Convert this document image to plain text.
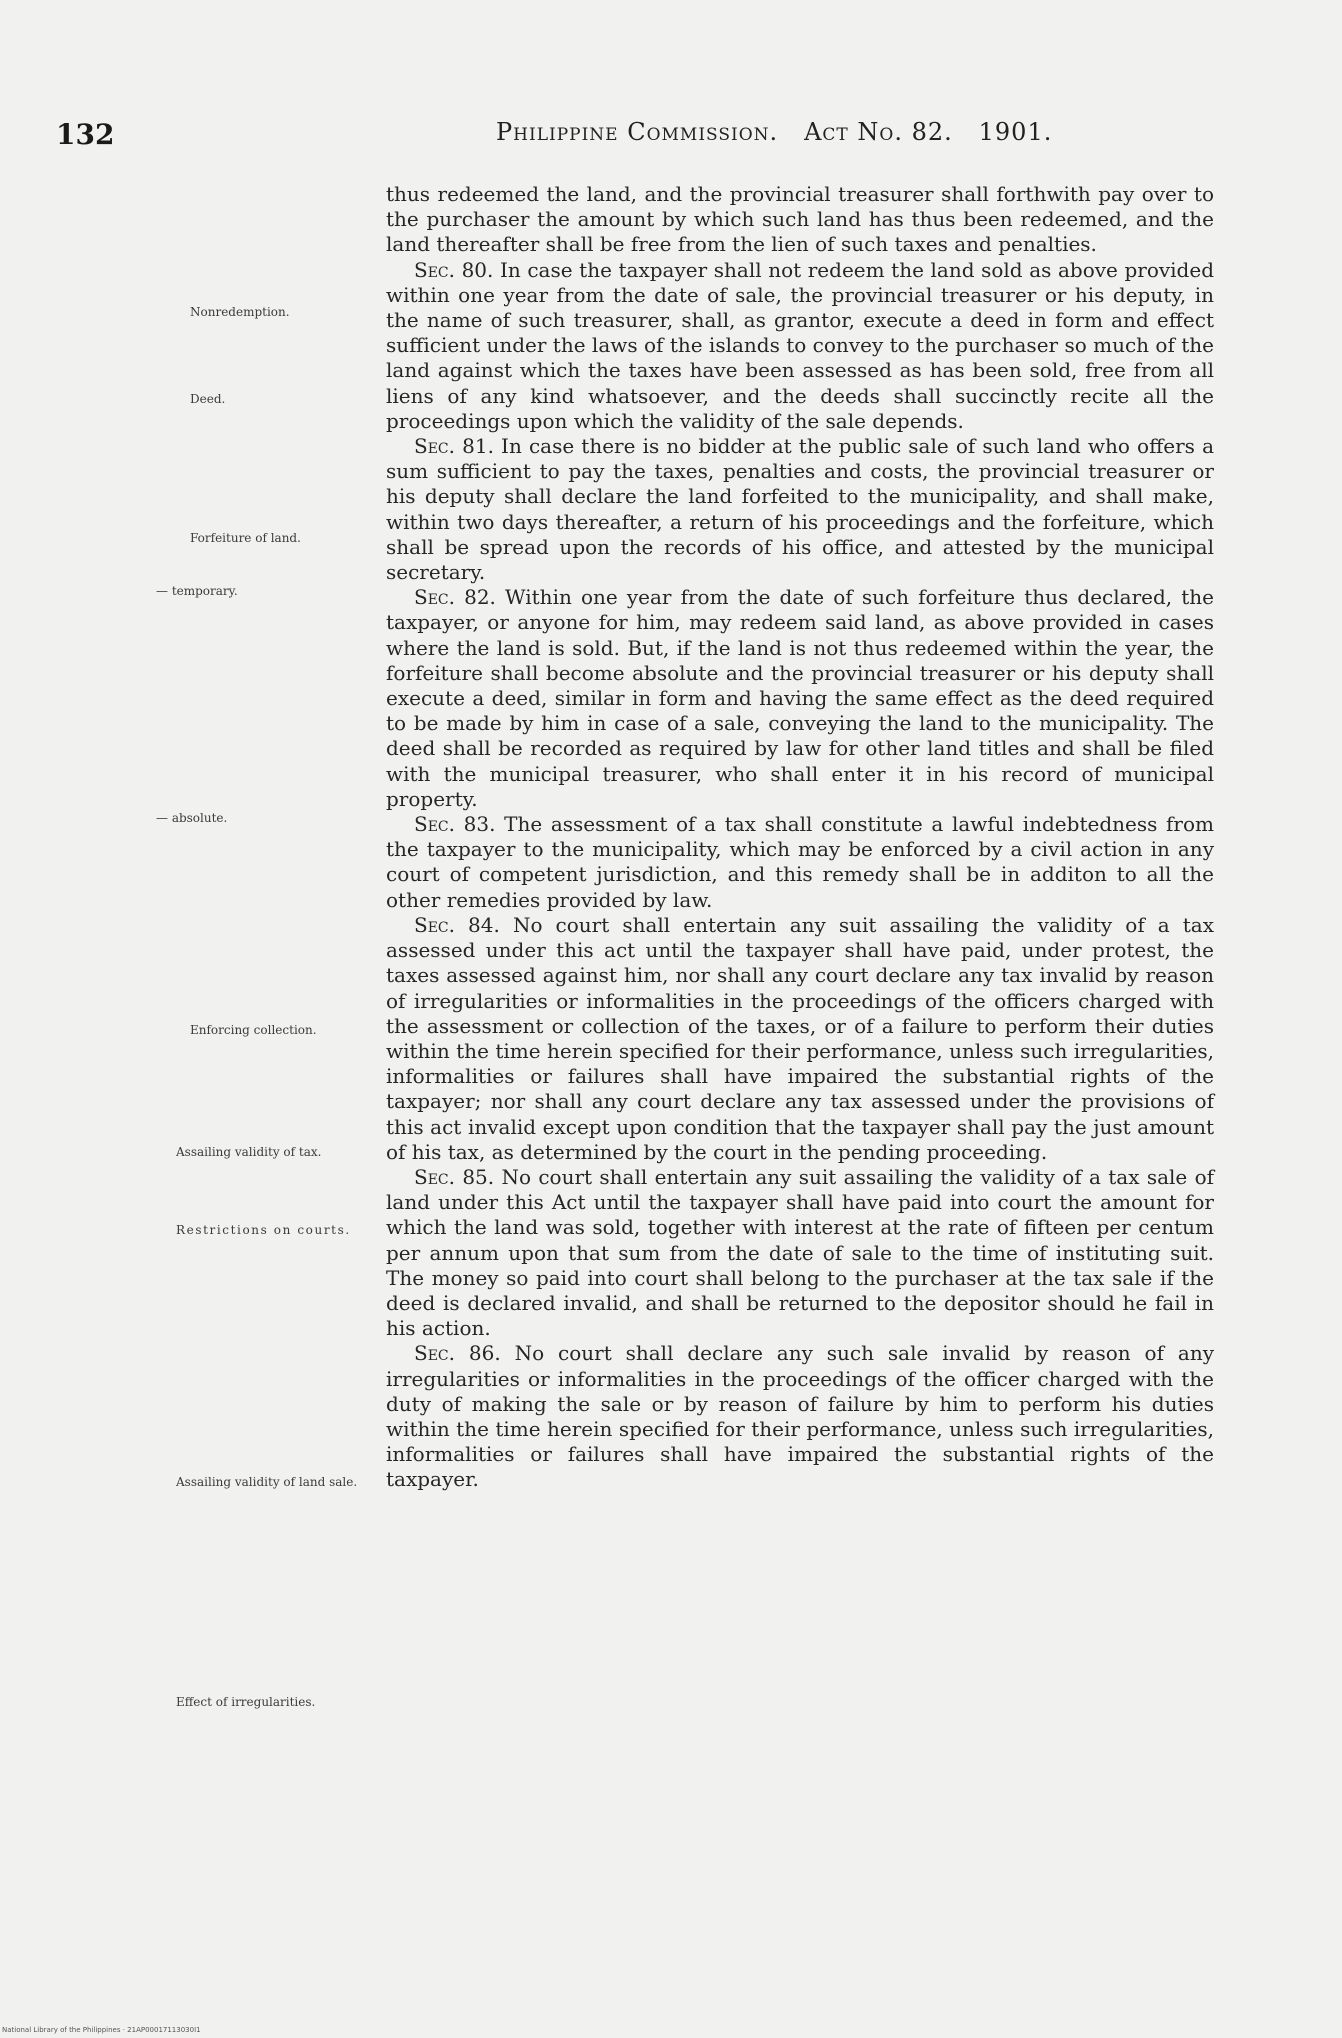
132	Philippine Commission. Act No. 82. 1901.

thus redeemed the land, and the provincial treasurer shall forthwith pay over to the purchaser the amount by which such land has thus been redeemed, and the land thereafter shall be free from the lien of such taxes and penalties.

Sec. 80. In case the taxpayer shall not redeem the land sold as above provided within one year from the date of sale, the provincial treasurer or his deputy, in the name of such treasurer, shall, as grantor, execute a deed in form and effect sufficient under the laws of the islands to convey to the purchaser so much of the land against which the taxes have been assessed as has been sold, free from all liens of any kind whatsoever, and the deeds shall succinctly recite all the proceedings upon which the validity of the sale depends.

Sec. 81. In case there is no bidder at the public sale of such land who offers a sum sufficient to pay the taxes, penalties and costs, the provincial treasurer or his deputy shall declare the land forfeited to the municipality, and shall make, within two days thereafter, a return of his proceedings and the forfeiture, which shall be spread upon the records of his office, and attested by the municipal secretary.

Sec. 82. Within one year from the date of such forfeiture thus declared, the taxpayer, or anyone for him, may redeem said land, as above provided in cases where the land is sold. But, if the land is not thus redeemed within the year, the forfeiture shall become absolute and the provincial treasurer or his deputy shall execute a deed, similar in form and having the same effect as the deed required to be made by him in case of a sale, conveying the land to the municipality. The deed shall be recorded as required by law for other land titles and shall be filed with the municipal treasurer, who shall enter it in his record of municipal property.

Sec. 83. The assessment of a tax shall constitute a lawful indebtedness from the taxpayer to the municipality, which may be enforced by a civil action in any court of competent jurisdiction, and this remedy shall be in additon to all the other remedies provided by law.

Sec. 84. No court shall entertain any suit assailing the validity of a tax assessed under this act until the taxpayer shall have paid, under protest, the taxes assessed against him, nor shall any court declare any tax invalid by reason of irregularities or informalities in the proceedings of the officers charged with the assessment or collection of the taxes, or of a failure to perform their duties within the time herein specified for their performance, unless such irregularities, informalities or failures shall have impaired the substantial rights of the taxpayer; nor shall any court declare any tax assessed under the provisions of this act invalid except upon condition that the taxpayer shall pay the just amount of his tax, as determined by the court in the pending proceeding.

Sec. 85. No court shall entertain any suit assailing the validity of a tax sale of land under this Act until the taxpayer shall have paid into court the amount for which the land was sold, together with interest at the rate of fifteen per centum per annum upon that sum from the date of sale to the time of instituting suit. The money so paid into court shall belong to the purchaser at the tax sale if the deed is declared invalid, and shall be returned to the depositor should he fail in his action.

Sec. 86. No court shall declare any such sale invalid by reason of any irregularities or informalities in the proceedings of the officer charged with the duty of making the sale or by reason of failure by him to perform his duties within the time herein specified for their performance, unless such irregularities, informalities or failures shall have impaired the substantial rights of the taxpayer.

Nonredemption.
Deed.
Forfeiture of land.
— temporary.
— absolute.
Enforcing collection.
Assailing validity of tax.
Restrictions on courts.
Assailing validity of land sale.
Effect of irregularities.
National Library of the Philippines · 21AP00017113030I1
